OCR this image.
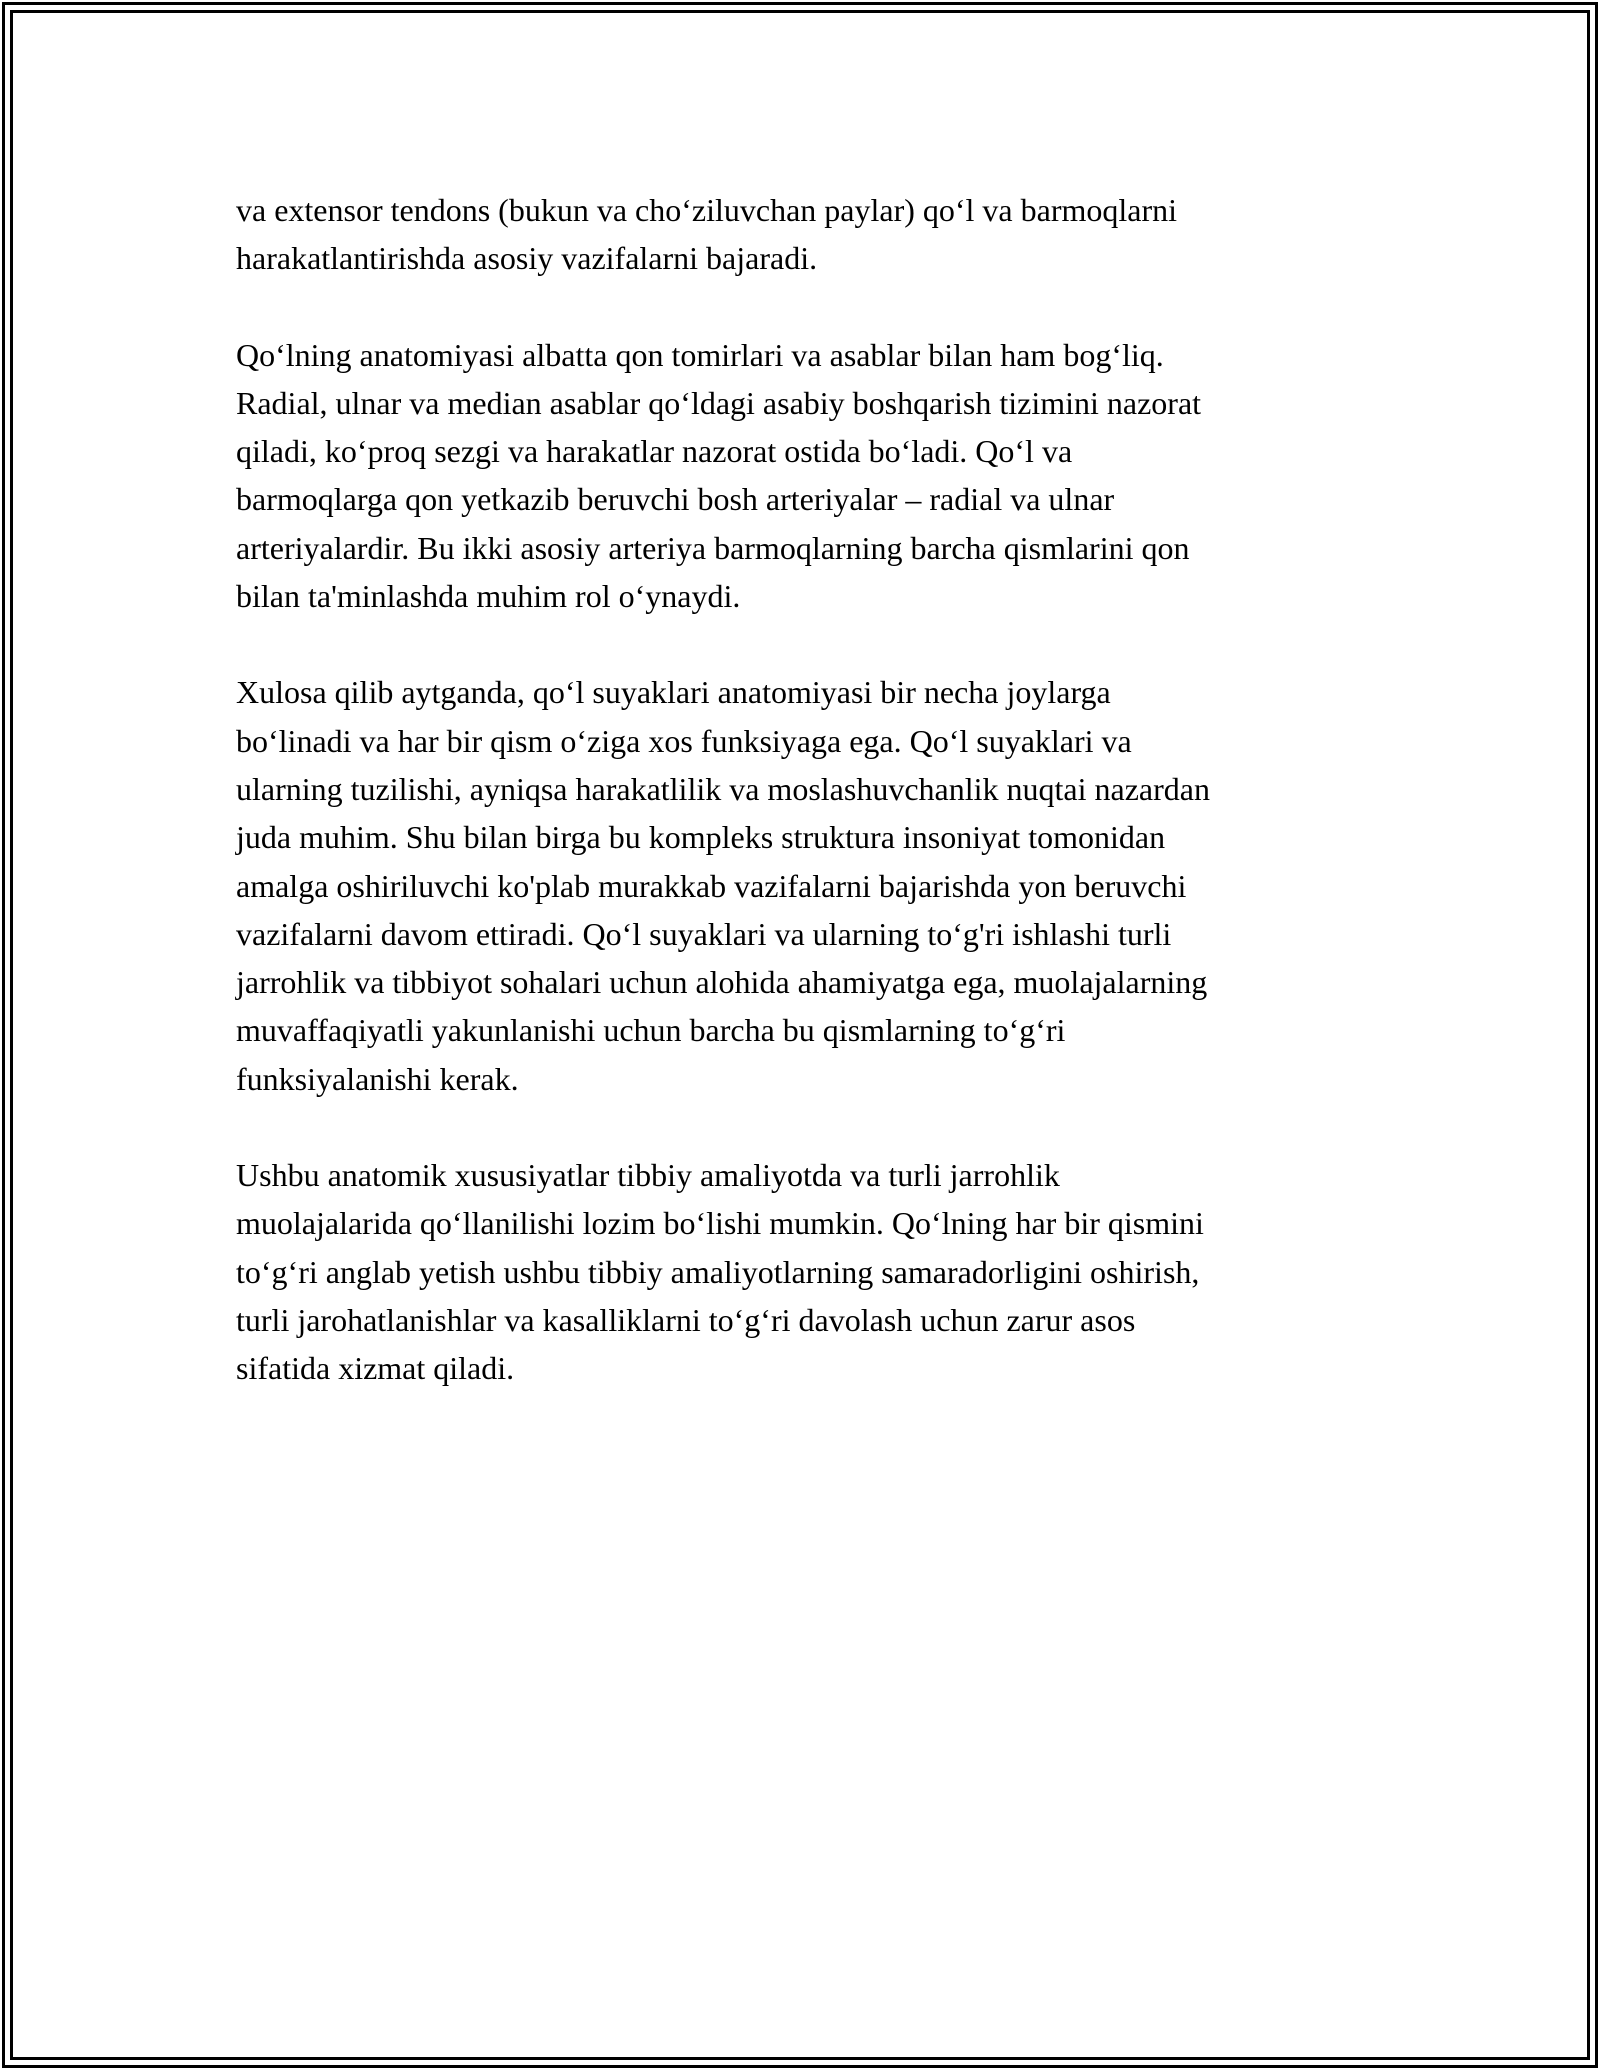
va extensor tendons (bukun va cho‘ziluvchan paylar) qo‘l va barmoqlarni
harakatlantirishda asosiy vazifalarni bajaradi.

Qo‘lning anatomiyasi albatta qon tomirlari va asablar bilan ham bog‘liq.
Radial, ulnar va median asablar qo‘ldagi asabiy boshqarish tizimini nazorat
qiladi, ko‘proq sezgi va harakatlar nazorat ostida bo‘ladi. Qo‘l va
barmoqlarga qon yetkazib beruvchi bosh arteriyalar – radial va ulnar
arteriyalardir. Bu ikki asosiy arteriya barmoqlarning barcha qismlarini qon
bilan ta'minlashda muhim rol o‘ynaydi.

Xulosa qilib aytganda, qo‘l suyaklari anatomiyasi bir necha joylarga
bo‘linadi va har bir qism o‘ziga xos funksiyaga ega. Qo‘l suyaklari va
ularning tuzilishi, ayniqsa harakatlilik va moslashuvchanlik nuqtai nazardan
juda muhim. Shu bilan birga bu kompleks struktura insoniyat tomonidan
amalga oshiriluvchi ko'plab murakkab vazifalarni bajarishda yon beruvchi
vazifalarni davom ettiradi. Qo‘l suyaklari va ularning to‘g'ri ishlashi turli
jarrohlik va tibbiyot sohalari uchun alohida ahamiyatga ega, muolajalarning
muvaffaqiyatli yakunlanishi uchun barcha bu qismlarning to‘g‘ri
funksiyalanishi kerak.

Ushbu anatomik xususiyatlar tibbiy amaliyotda va turli jarrohlik
muolajalarida qo‘llanilishi lozim bo‘lishi mumkin. Qo‘lning har bir qismini
to‘g‘ri anglab yetish ushbu tibbiy amaliyotlarning samaradorligini oshirish,
turli jarohatlanishlar va kasalliklarni to‘g‘ri davolash uchun zarur asos
sifatida xizmat qiladi.
